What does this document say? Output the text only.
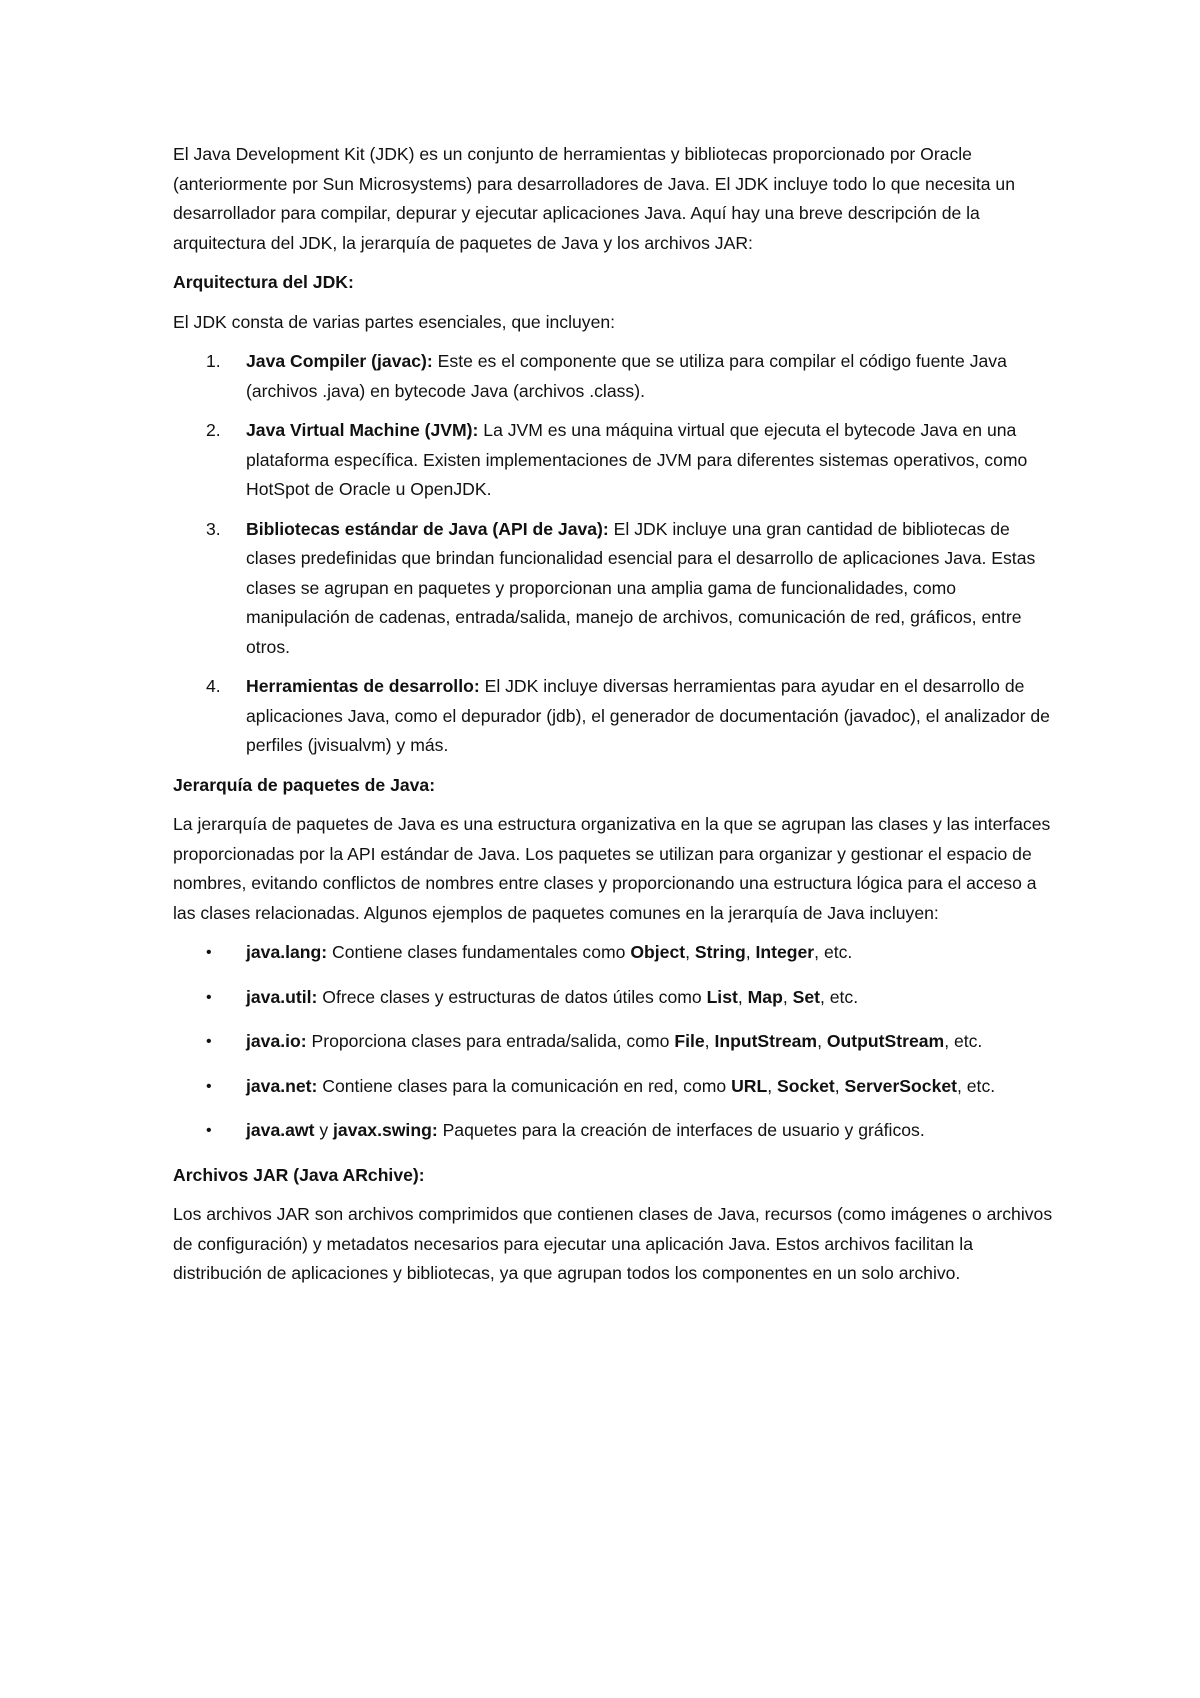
El Java Development Kit (JDK) es un conjunto de herramientas y bibliotecas proporcionado por Oracle (anteriormente por Sun Microsystems) para desarrolladores de Java. El JDK incluye todo lo que necesita un desarrollador para compilar, depurar y ejecutar aplicaciones Java. Aquí hay una breve descripción de la arquitectura del JDK, la jerarquía de paquetes de Java y los archivos JAR:

Arquitectura del JDK:

El JDK consta de varias partes esenciales, que incluyen:

1. Java Compiler (javac): Este es el componente que se utiliza para compilar el código fuente Java (archivos .java) en bytecode Java (archivos .class).
2. Java Virtual Machine (JVM): La JVM es una máquina virtual que ejecuta el bytecode Java en una plataforma específica. Existen implementaciones de JVM para diferentes sistemas operativos, como HotSpot de Oracle u OpenJDK.
3. Bibliotecas estándar de Java (API de Java): El JDK incluye una gran cantidad de bibliotecas de clases predefinidas que brindan funcionalidad esencial para el desarrollo de aplicaciones Java. Estas clases se agrupan en paquetes y proporcionan una amplia gama de funcionalidades, como manipulación de cadenas, entrada/salida, manejo de archivos, comunicación de red, gráficos, entre otros.
4. Herramientas de desarrollo: El JDK incluye diversas herramientas para ayudar en el desarrollo de aplicaciones Java, como el depurador (jdb), el generador de documentación (javadoc), el analizador de perfiles (jvisualvm) y más.

Jerarquía de paquetes de Java:

La jerarquía de paquetes de Java es una estructura organizativa en la que se agrupan las clases y las interfaces proporcionadas por la API estándar de Java. Los paquetes se utilizan para organizar y gestionar el espacio de nombres, evitando conflictos de nombres entre clases y proporcionando una estructura lógica para el acceso a las clases relacionadas. Algunos ejemplos de paquetes comunes en la jerarquía de Java incluyen:

• java.lang: Contiene clases fundamentales como Object, String, Integer, etc.
• java.util: Ofrece clases y estructuras de datos útiles como List, Map, Set, etc.
• java.io: Proporciona clases para entrada/salida, como File, InputStream, OutputStream, etc.
• java.net: Contiene clases para la comunicación en red, como URL, Socket, ServerSocket, etc.
• java.awt y javax.swing: Paquetes para la creación de interfaces de usuario y gráficos.

Archivos JAR (Java ARchive):

Los archivos JAR son archivos comprimidos que contienen clases de Java, recursos (como imágenes o archivos de configuración) y metadatos necesarios para ejecutar una aplicación Java. Estos archivos facilitan la distribución de aplicaciones y bibliotecas, ya que agrupan todos los componentes en un solo archivo.
